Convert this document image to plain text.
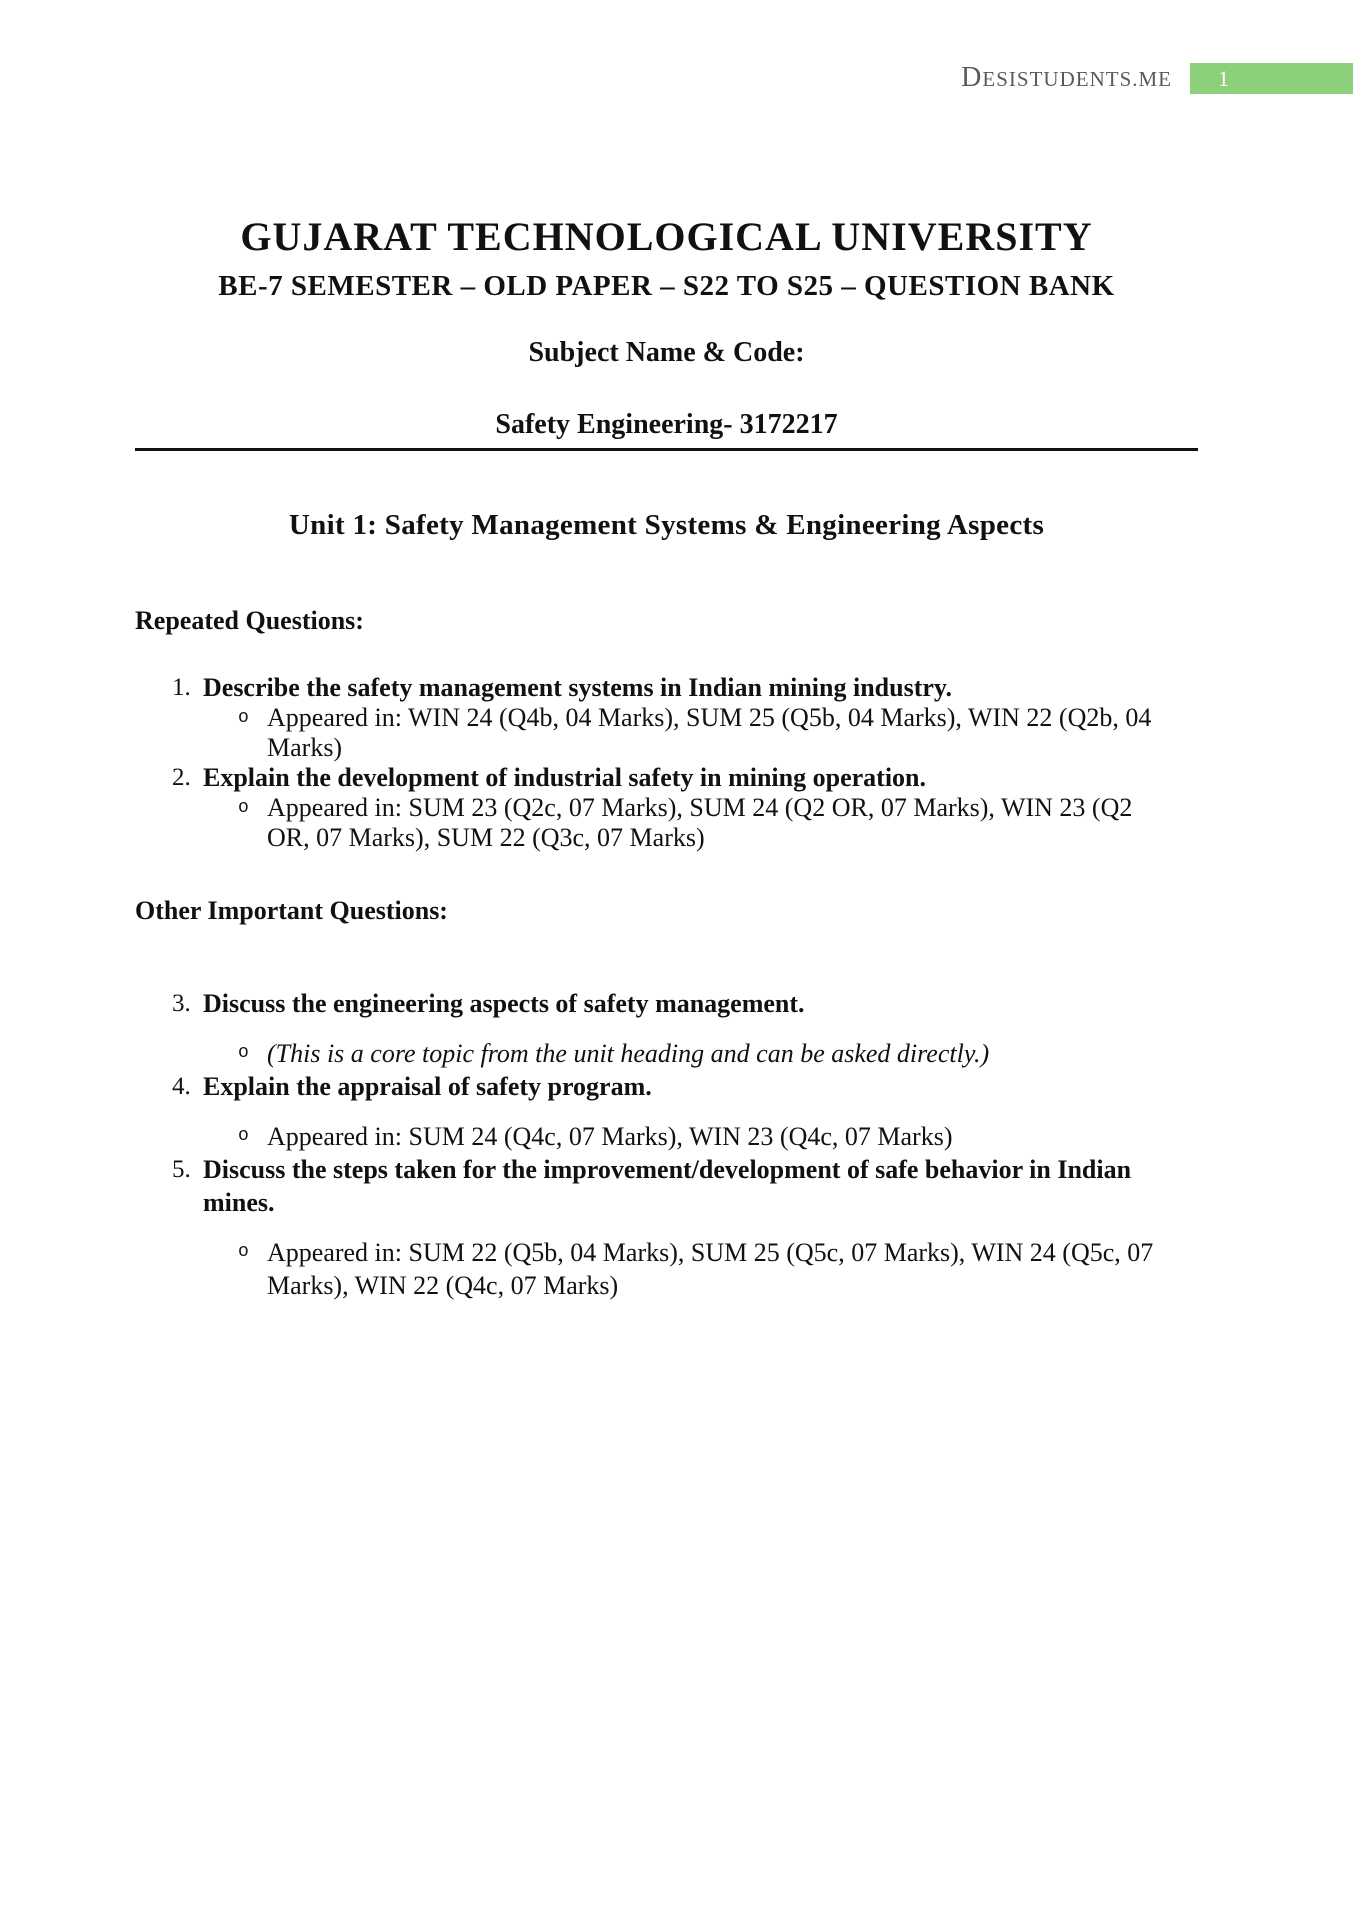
DESISTUDENTS.ME 1
GUJARAT TECHNOLOGICAL UNIVERSITY
BE-7 SEMESTER – OLD PAPER – S22 TO S25 – QUESTION BANK
Subject Name & Code:
Safety Engineering- 3172217
Unit 1: Safety Management Systems & Engineering Aspects
Repeated Questions:
1. Describe the safety management systems in Indian mining industry.
o Appeared in: WIN 24 (Q4b, 04 Marks), SUM 25 (Q5b, 04 Marks), WIN 22 (Q2b, 04
Marks)
2. Explain the development of industrial safety in mining operation.
o Appeared in: SUM 23 (Q2c, 07 Marks), SUM 24 (Q2 OR, 07 Marks), WIN 23 (Q2
OR, 07 Marks), SUM 22 (Q3c, 07 Marks)
Other Important Questions:
3. Discuss the engineering aspects of safety management.
o (This is a core topic from the unit heading and can be asked directly.)
4. Explain the appraisal of safety program.
o Appeared in: SUM 24 (Q4c, 07 Marks), WIN 23 (Q4c, 07 Marks)
5. Discuss the steps taken for the improvement/development of safe behavior in Indian
mines.
o Appeared in: SUM 22 (Q5b, 04 Marks), SUM 25 (Q5c, 07 Marks), WIN 24 (Q5c, 07
Marks), WIN 22 (Q4c, 07 Marks)
